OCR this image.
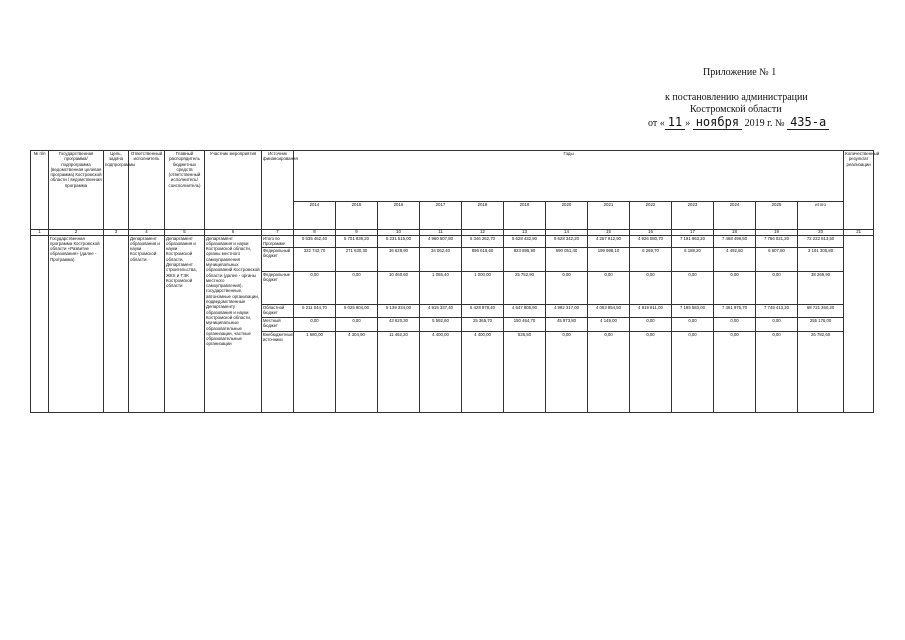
Приложение № 1
к постановлению администрации
Костромской области
от « 11 » ноября 2019 г. № 435-а
№ п/п	Государственная программа/подпрограмма (ведомственная целевая программа) Костромской области / ведомственная программа	Цель, задача подпрограммы	Ответственный исполнитель	Главный распорядитель бюджетных средств (ответственный исполнитель/соисполнитель)	Участник мероприятия	Источник финансирования	Годы													Количественный результат реализации
							2014	2015	2016	2017	2018	2019	2020	2021	2022	2023	2024	2025	итого	
1	2	3	4	5	6	7	8	9	10	11	12	13	14	15	16	17	18	19	20	21
	Государственная программа Костромской области «Развитие образования» (далее - Программа)		Департамент образования и науки Костромской области	Департамент образования и науки Костромской области, Департамент строительства, ЖКХ и ТЭК Костромской области	Департамент образования и науки Костромской области, органы местного самоуправления муниципальных образований Костромской области (далее - органы местного самоуправления), государственные, автономные организации, подведомственные Департаменту образования и науки Костромской области, муниципальные образовательные организации, частные образовательные организации	Итого по Программе	5 535 462,40	5 701 839,20	5 231 515,00	4 960 507,80	6 346 262,70	5 628 432,90	5 628 342,20	4 257 912,90	4 926 080,70	7 191 963,20	7 468 498,50	7 756 021,20	72 222 813,50	
						Федеральный бюджет	322 742,70	271 630,30	36 628,90	34 062,40	896 618,60	823 895,90	590 051,40	199 998,10	6 269,70	6 188,20	4 492,60	6 607,80	3 191 305,80	
						Федеральные бюджет	0,00	0,00	10 460,60	1 055,40	1 000,00	25 752,90	0,00	0,00	0,00	0,00	0,00	0,00	38 269,90	
						Областной бюджет	5 211 044,70	5 025 904,00	5 139 334,00	4 915 337,40	5 428 878,40	4 647 805,90	4 992 317,00	4 053 854,50	4 919 811,00	7 185 583,00	7 461 975,70	7 749 413,20	68 721 260,20	
						Местный бюджет	0,00	0,00	43 620,30	5 592,60	25 365,70	150 464,70	45 973,80	4 149,00	0,00	0,00	0,00	0,00	255 176,00	
						Внебюджетные источники	1 680,00	4 304,90	11 462,20	4 400,00	4 400,00	535,50	0,00	0,00	0,00	0,00	0,00	0,00	26 782,60	
